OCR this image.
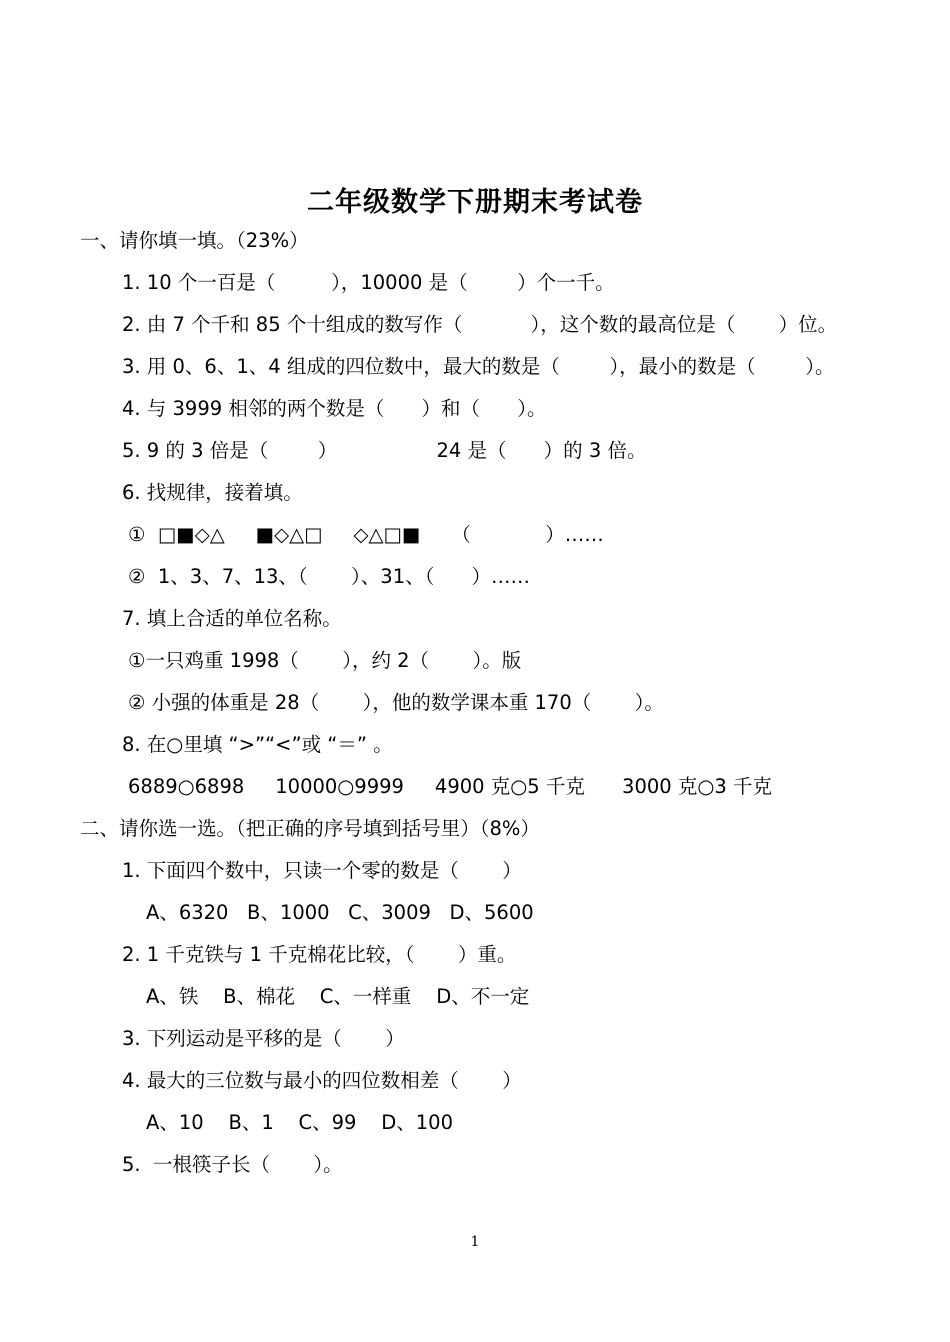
二年级数学下册期末考试卷
一、请你填一填。（23%）
1. 10 个一百是（         ），10000 是（        ）个一千。
2. 由 7 个千和 85 个十组成的数写作（           ），这个数的最高位是（       ）位。
3. 用 0、6、1、4 组成的四位数中，最大的数是（        ），最小的数是（        ）。
4. 与 3999 相邻的两个数是（      ）和（      ）。
5. 9 的 3 倍是（        ）                24 是（      ）的 3 倍。
6. 找规律，接着填。
①  □■◇△     ■◇△□     ◇△□■     （            ）……
②  1、3、7、13、（       ）、31、（      ）……
7. 填上合适的单位名称。
①一只鸡重 1998（       ），约 2（       ）。版
② 小强的体重是 28（       ），他的数学课本重 170（       ）。
8. 在○里填 “>”“<”或 “＝” 。
6889○6898     10000○9999     4900 克○5 千克      3000 克○3 千克
二、请你选一选。（把正确的序号填到括号里）（8%）
1. 下面四个数中，只读一个零的数是（       ）
A、6320   B、1000   C、3009   D、5600
2. 1 千克铁与 1 千克棉花比较，（       ）重。
A、铁    B、棉花    C、一样重    D、不一定
3. 下列运动是平移的是（       ）
4. 最大的三位数与最小的四位数相差（       ）
A、10    B、1    C、99    D、100
5.  一根筷子长（       ）。
1
